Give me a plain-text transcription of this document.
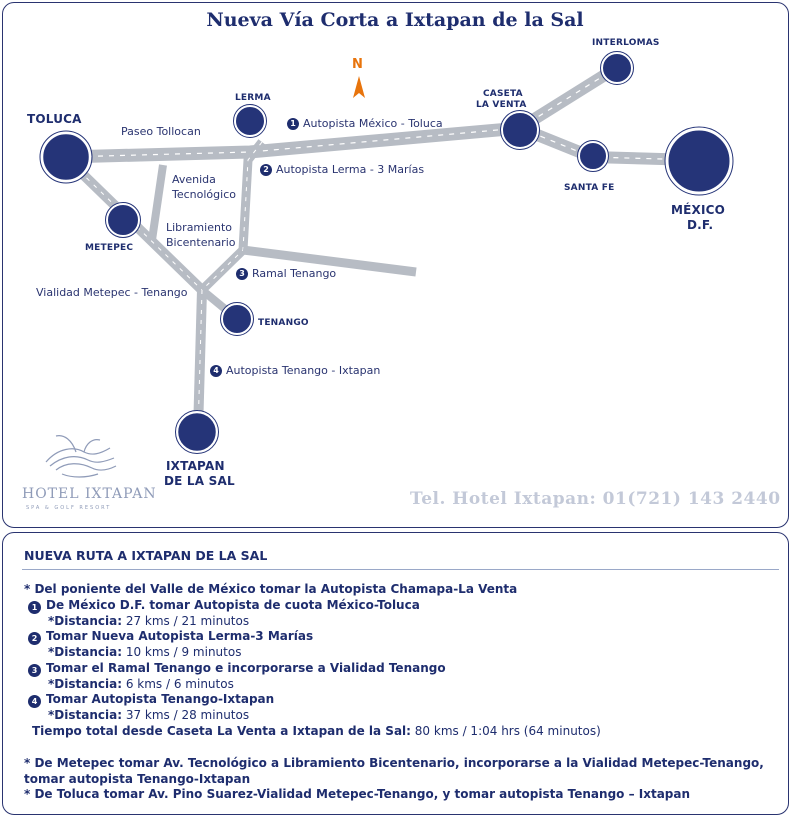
Nueva Vía Corta a Ixtapan de la Sal
N
TOLUCA
LERMA	CASETA
LA VENTA
INTERLOMAS
SANTA FE
MÉXICO
D.F.
METEPEC
TENANGO
IXTAPAN
DE LA SAL
Paseo Tollocan
1 Autopista México - Toluca
2 Autopista Lerma - 3 Marías
Avenida
Tecnológico
Libramiento
Bicentenario
3 Ramal Tenango
Vialidad Metepec - Tenango
4 Autopista Tenango - Ixtapan
HOTEL IXTAPAN
SPA & GOLF RESORT	Tel. Hotel Ixtapan: 01(721) 143 2440
NUEVA RUTA A IXTAPAN DE LA SAL
* Del poniente del Valle de México tomar la Autopista Chamapa-La Venta
1 De México D.F. tomar Autopista de cuota México-Toluca
*Distancia: 27 kms / 21 minutos
2 Tomar Nueva Autopista Lerma-3 Marías
*Distancia: 10 kms / 9 minutos
3 Tomar el Ramal Tenango e incorporarse a Vialidad Tenango
*Distancia: 6 kms / 6 minutos
4 Tomar Autopista Tenango-Ixtapan
*Distancia: 37 kms / 28 minutos
Tiempo total desde Caseta La Venta a Ixtapan de la Sal: 80 kms / 1:04 hrs (64 minutos)
* De Metepec tomar Av. Tecnológico a Libramiento Bicentenario, incorporarse a la Vialidad Metepec-Tenango, tomar autopista Tenango-Ixtapan
* De Toluca tomar Av. Pino Suarez-Vialidad Metepec-Tenango, y tomar autopista Tenango – Ixtapan
